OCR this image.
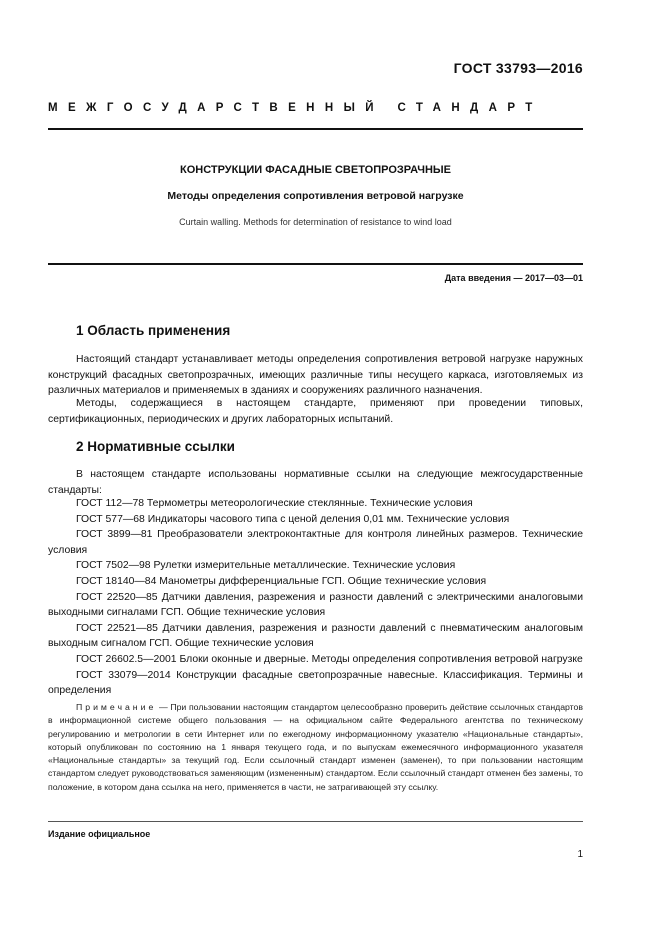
ГОСТ 33793—2016
МЕЖГОСУДАРСТВЕННЫЙ СТАНДАРТ
КОНСТРУКЦИИ ФАСАДНЫЕ СВЕТОПРОЗРАЧНЫЕ
Методы определения сопротивления ветровой нагрузке
Curtain walling. Methods for determination of resistance to wind load
Дата введения — 2017—03—01
1 Область применения
Настоящий стандарт устанавливает методы определения сопротивления ветровой нагрузке наружных конструкций фасадных светопрозрачных, имеющих различные типы несущего каркаса, изготовляемых из различных материалов и применяемых в зданиях и сооружениях различного назначения.
Методы, содержащиеся в настоящем стандарте, применяют при проведении типовых, сертификационных, периодических и других лабораторных испытаний.
2 Нормативные ссылки
В настоящем стандарте использованы нормативные ссылки на следующие межгосударственные стандарты:
ГОСТ 112—78 Термометры метеорологические стеклянные. Технические условия
ГОСТ 577—68 Индикаторы часового типа с ценой деления 0,01 мм. Технические условия
ГОСТ 3899—81 Преобразователи электроконтактные для контроля линейных размеров. Технические условия
ГОСТ 7502—98 Рулетки измерительные металлические. Технические условия
ГОСТ 18140—84 Манометры дифференциальные ГСП. Общие технические условия
ГОСТ 22520—85 Датчики давления, разрежения и разности давлений с электрическими аналоговыми выходными сигналами ГСП. Общие технические условия
ГОСТ 22521—85 Датчики давления, разрежения и разности давлений с пневматическим аналоговым выходным сигналом ГСП. Общие технические условия
ГОСТ 26602.5—2001 Блоки оконные и дверные. Методы определения сопротивления ветровой нагрузке
ГОСТ 33079—2014 Конструкции фасадные светопрозрачные навесные. Классификация. Термины и определения
Примечание — При пользовании настоящим стандартом целесообразно проверить действие ссылочных стандартов в информационной системе общего пользования — на официальном сайте Федерального агентства по техническому регулированию и метрологии в сети Интернет или по ежегодному информационному указателю «Национальные стандарты», который опубликован по состоянию на 1 января текущего года, и по выпускам ежемесячного информационного указателя «Национальные стандарты» за текущий год. Если ссылочный стандарт изменен (заменен), то при пользовании настоящим стандартом следует руководствоваться заменяющим (измененным) стандартом. Если ссылочный стандарт отменен без замены, то положение, в котором дана ссылка на него, применяется в части, не затрагивающей эту ссылку.
Издание официальное
1
